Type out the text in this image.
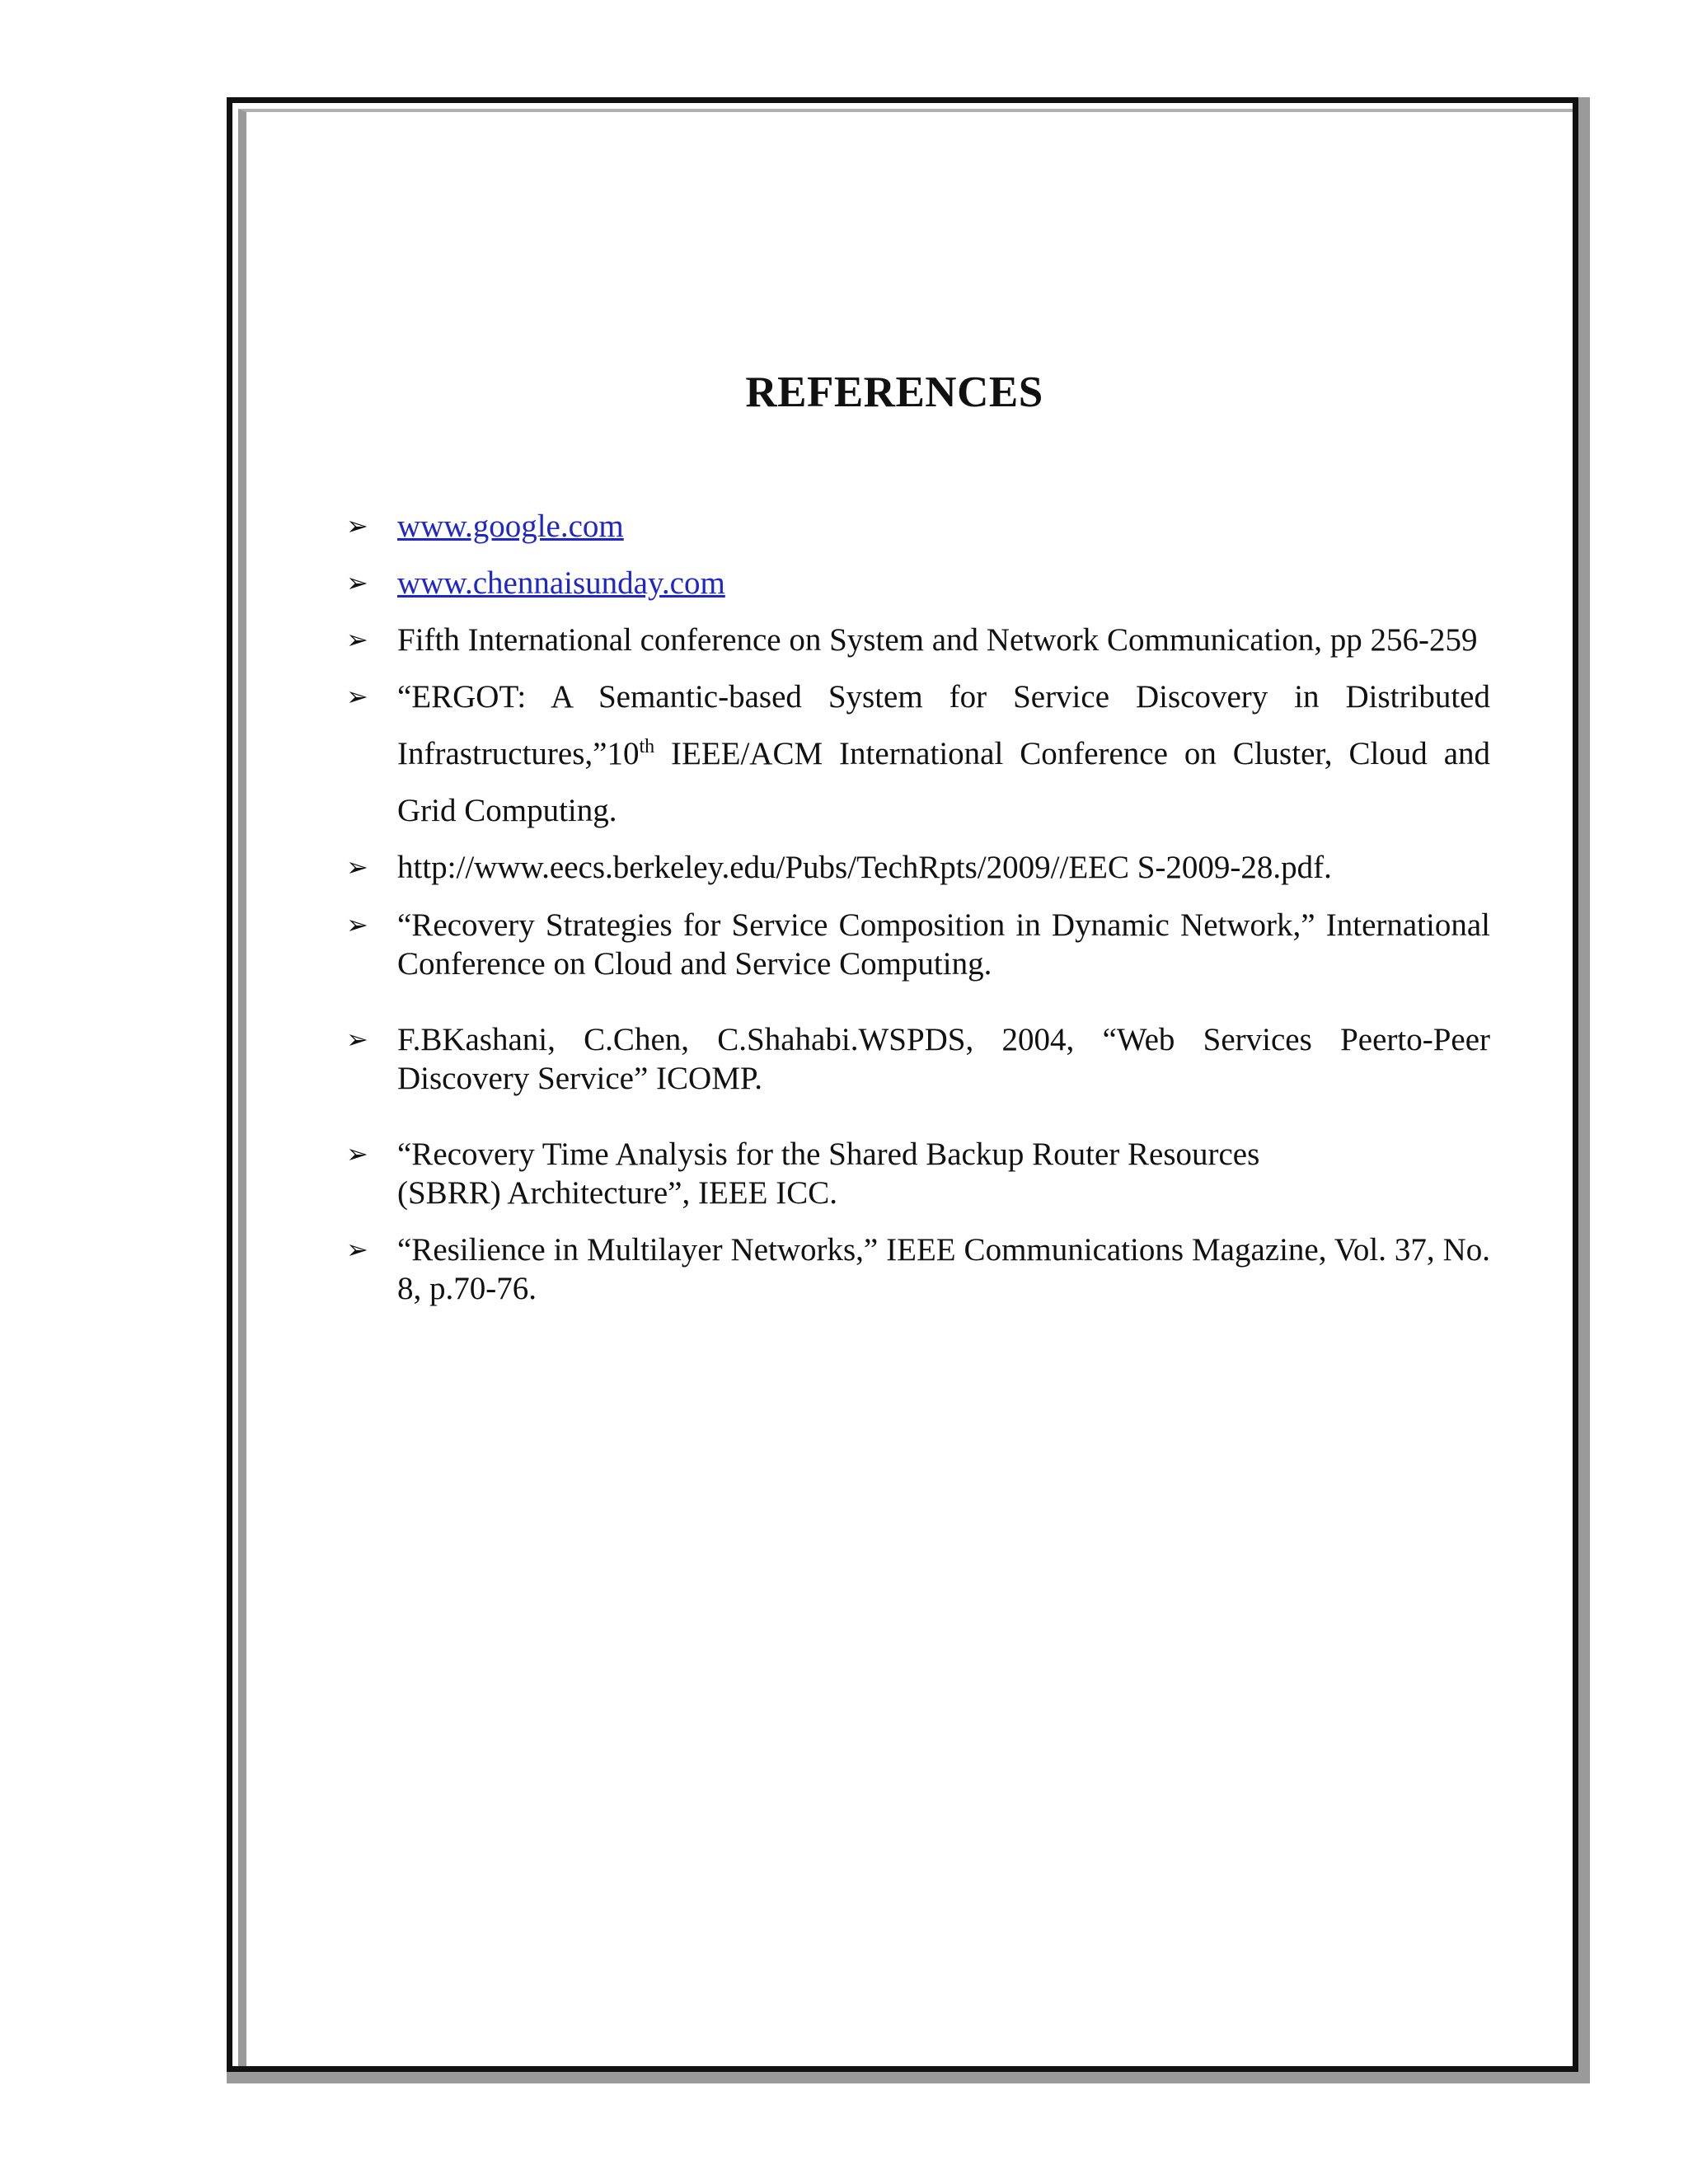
REFERENCES
➢ www.google.com
➢ www.chennaisunday.com
➢ Fifth International conference on System and Network Communication, pp 256-259
➢ “ERGOT: A Semantic-based System for Service Discovery in Distributed Infrastructures,”10th IEEE/ACM International Conference on Cluster, Cloud and Grid Computing.
➢ http://www.eecs.berkeley.edu/Pubs/TechRpts/2009//EEC S-2009-28.pdf.
➢ “Recovery Strategies for Service Composition in Dynamic Network,” International Conference on Cloud and Service Computing.
➢ F.BKashani, C.Chen, C.Shahabi.WSPDS, 2004, “Web Services Peerto-Peer Discovery Service” ICOMP.
➢ “Recovery Time Analysis for the Shared Backup Router Resources
(SBRR) Architecture”, IEEE ICC.
➢ “Resilience in Multilayer Networks,” IEEE Communications Magazine, Vol. 37, No. 8, p.70-76.
